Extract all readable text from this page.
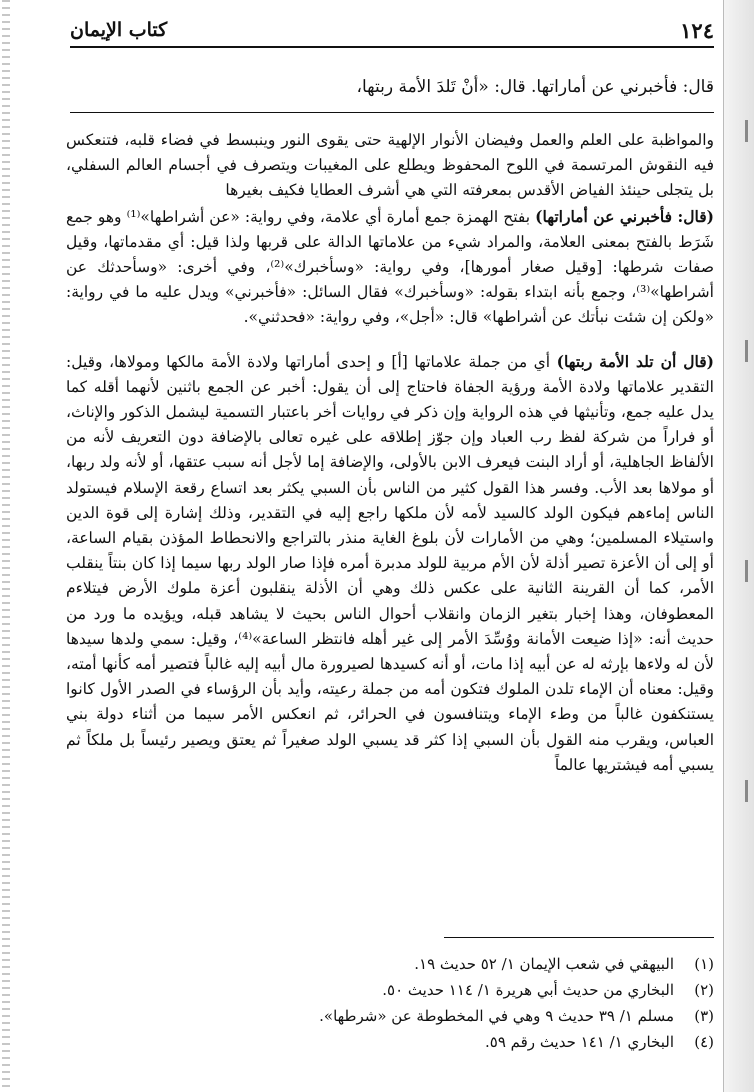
١٢٤
كتاب الإيمان
قال: فأخبرني عن أماراتها. قال: «أنْ تَلدَ الأمة ربتها،

والمواظبة على العلم والعمل وفيضان الأنوار الإلهية حتى يقوى النور وينبسط في فضاء قلبه، فتنعكس فيه النقوش المرتسمة في اللوح المحفوظ ويطلع على المغيبات ويتصرف في أجسام العالم السفلي، بل يتجلى حينئذ الفياض الأقدس بمعرفته التي هي أشرف العطايا فكيف بغيرها

(قال: فأخبرني عن أماراتها) بفتح الهمزة جمع أمارة أي علامة، وفي رواية: «عن أشراطها»⁽¹⁾ وهو جمع شَرَط بالفتح بمعنى العلامة، والمراد شيء من علاماتها الدالة على قربها ولذا قيل: أي مقدماتها، وقيل صفات شرطها: [وقيل صغار أمورها]، وفي رواية: «وسأخبرك»⁽²⁾، وفي أخرى: «وسأحدثك عن أشراطها»⁽³⁾، وجمع بأنه ابتداء بقوله: «وسأخبرك» فقال السائل: «فأخبرني» ويدل عليه ما في رواية: «ولكن إن شئت نبأتك عن أشراطها» قال: «أجل»، وفي رواية: «فحدثني».

(قال أن تلد الأمة ربتها) أي من جملة علاماتها [أ] و إحدى أماراتها ولادة الأمة مالكها ومولاها، وقيل: التقدير علاماتها ولادة الأمة ورؤية الجفاة فاحتاج إلى أن يقول: أخبر عن الجمع باثنين لأنهما أقله كما يدل عليه جمع، وتأنيثها في هذه الرواية وإن ذكر في روايات أخر باعتبار التسمية ليشمل الذكور والإناث، أو فراراً من شركة لفظ رب العباد وإن جوّز إطلاقه على غيره تعالى بالإضافة دون التعريف لأنه من الألفاظ الجاهلية، أو أراد البنت فيعرف الابن بالأولى، والإضافة إما لأجل أنه سبب عتقها، أو لأنه ولد ربها، أو مولاها بعد الأب. وفسر هذا القول كثير من الناس بأن السبي يكثر بعد اتساع رقعة الإسلام فيستولد الناس إماءهم فيكون الولد كالسيد لأمه لأن ملكها راجع إليه في التقدير، وذلك إشارة إلى قوة الدين واستيلاء المسلمين؛ وهي من الأمارات لأن بلوغ الغاية منذر بالتراجع والانحطاط المؤذن بقيام الساعة، أو إلى أن الأعزة تصير أذلة لأن الأم مربية للولد مدبرة أمره فإذا صار الولد ربها سيما إذا كان بنتاً ينقلب الأمر، كما أن القرينة الثانية على عكس ذلك وهي أن الأذلة ينقلبون أعزة ملوك الأرض فيتلاءم المعطوفان، وهذا إخبار بتغير الزمان وانقلاب أحوال الناس بحيث لا يشاهد قبله، ويؤيده ما ورد من حديث أنه: «إذا ضيعت الأمانة ووُسِّدَ الأمر إلى غير أهله فانتظر الساعة»⁽⁴⁾، وقيل: سمي ولدها سيدها لأن له ولاءها بإرثه له عن أبيه إذا مات، أو أنه كسيدها لصيرورة مال أبيه إليه غالباً فتصير أمه كأنها أمته، وقيل: معناه أن الإماء تلدن الملوك فتكون أمه من جملة رعيته، وأيد بأن الرؤساء في الصدر الأول كانوا يستنكفون غالباً من وطء الإماء ويتنافسون في الحرائر، ثم انعكس الأمر سيما من أثناء دولة بني العباس، ويقرب منه القول بأن السبي إذا كثر قد يسبي الولد صغيراً ثم يعتق ويصير رئيساً بل ملكاً ثم يسبي أمه فيشتريها عالماً

(١)
البيهقي في شعب الإيمان ١/ ٥٢ حديث ١٩.
(٢)
البخاري من حديث أبي هريرة ١/ ١١٤ حديث ٥٠.
(٣)
مسلم ١/ ٣٩ حديث ٩ وهي في المخطوطة عن «شرطها».
(٤)
البخاري ١/ ١٤١ حديث رقم ٥٩.
